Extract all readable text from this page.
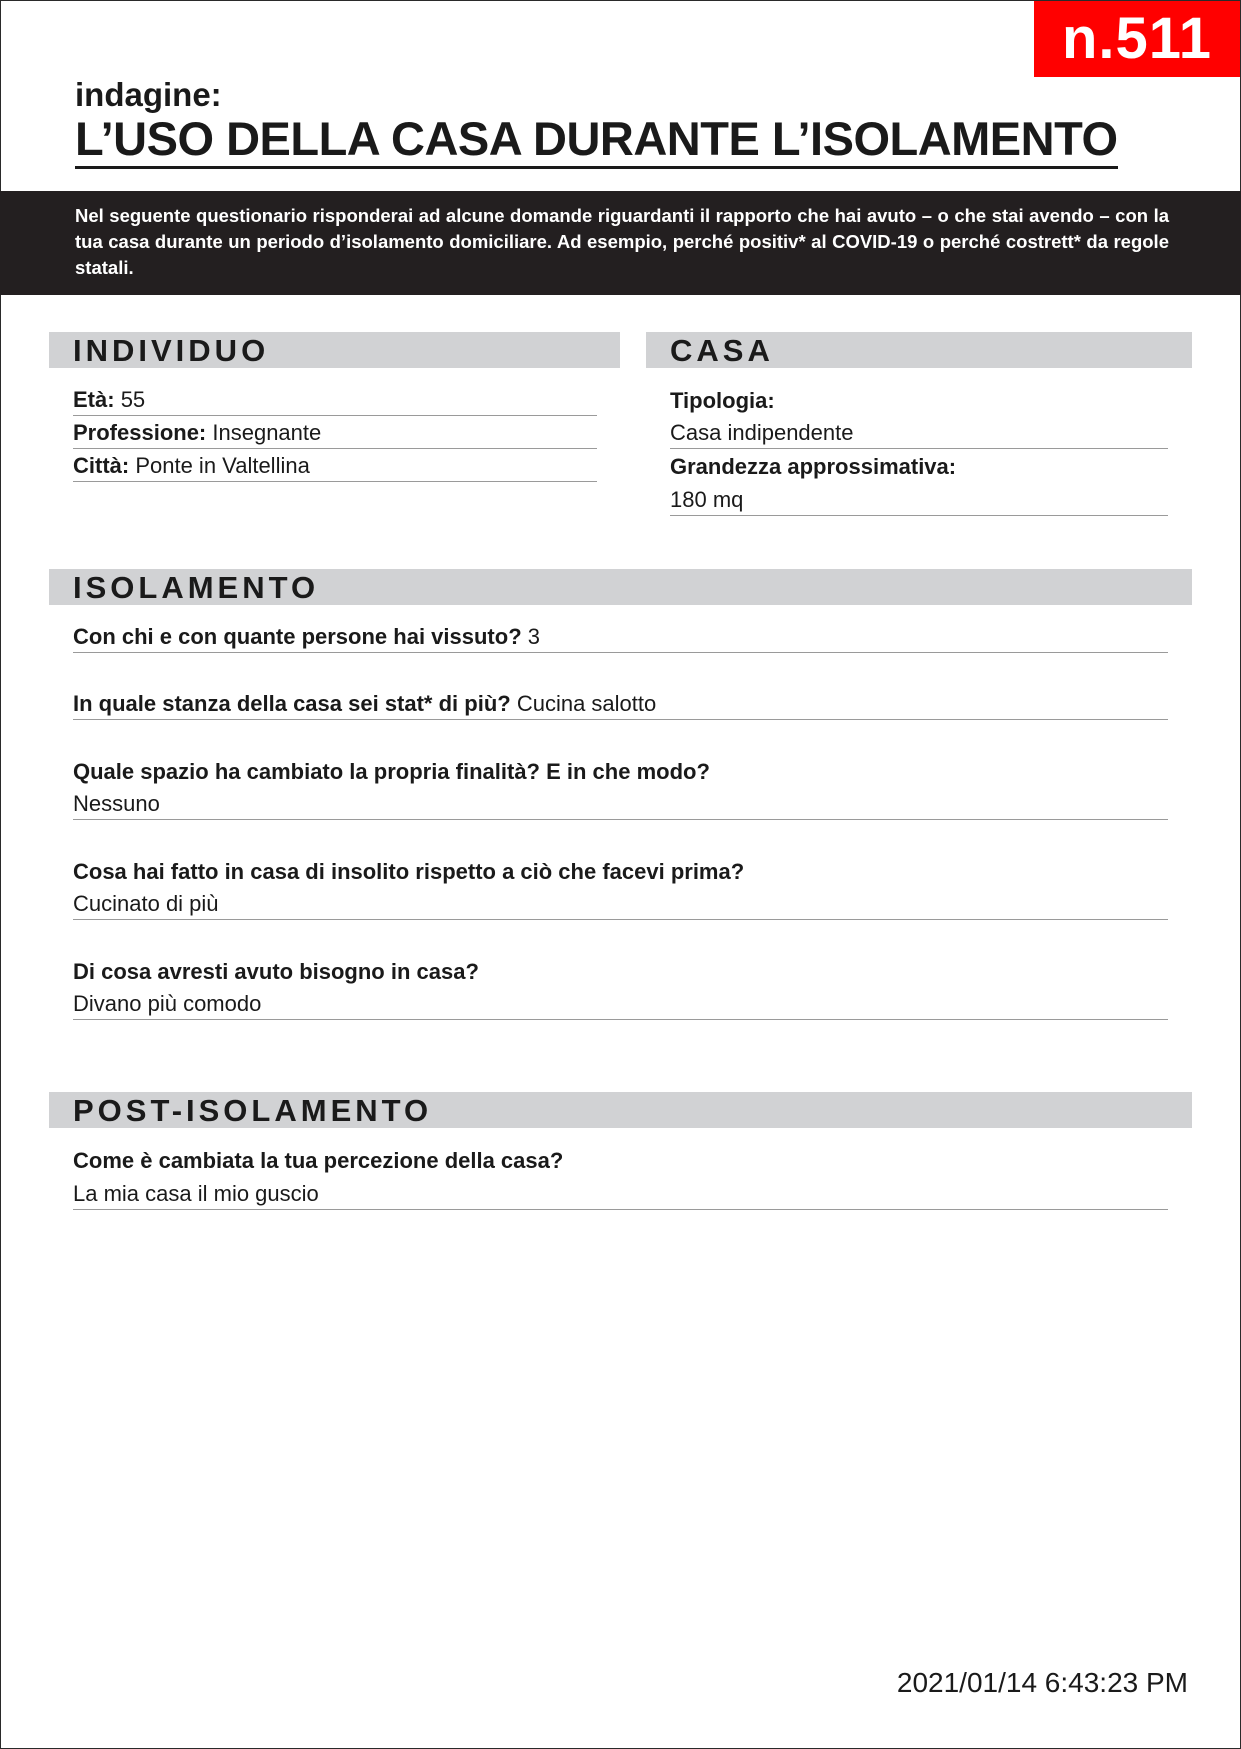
n.511
indagine:
L’USO DELLA CASA DURANTE L’ISOLAMENTO

Nel seguente questionario risponderai ad alcune domande riguardanti il rapporto che hai avuto – o che stai avendo – con la tua casa durante un periodo d’isolamento domiciliare. Ad esempio, perché positiv* al COVID-19 o perché costrett* da regole statali.

INDIVIDUO
Età: 55
Professione: Insegnante
Città: Ponte in Valtellina
CASA
Tipologia:
Casa indipendente
Grandezza approssimativa:
180 mq
ISOLAMENTO
Con chi e con quante persone hai vissuto? 3
In quale stanza della casa sei stat* di più? Cucina salotto
Quale spazio ha cambiato la propria finalità? E in che modo?
Nessuno
Cosa hai fatto in casa di insolito rispetto a ciò che facevi prima?
Cucinato di più
Di cosa avresti avuto bisogno in casa?
Divano più comodo
POST-ISOLAMENTO
Come è cambiata la tua percezione della casa?
La mia casa il mio guscio
2021/01/14 6:43:23 PM
